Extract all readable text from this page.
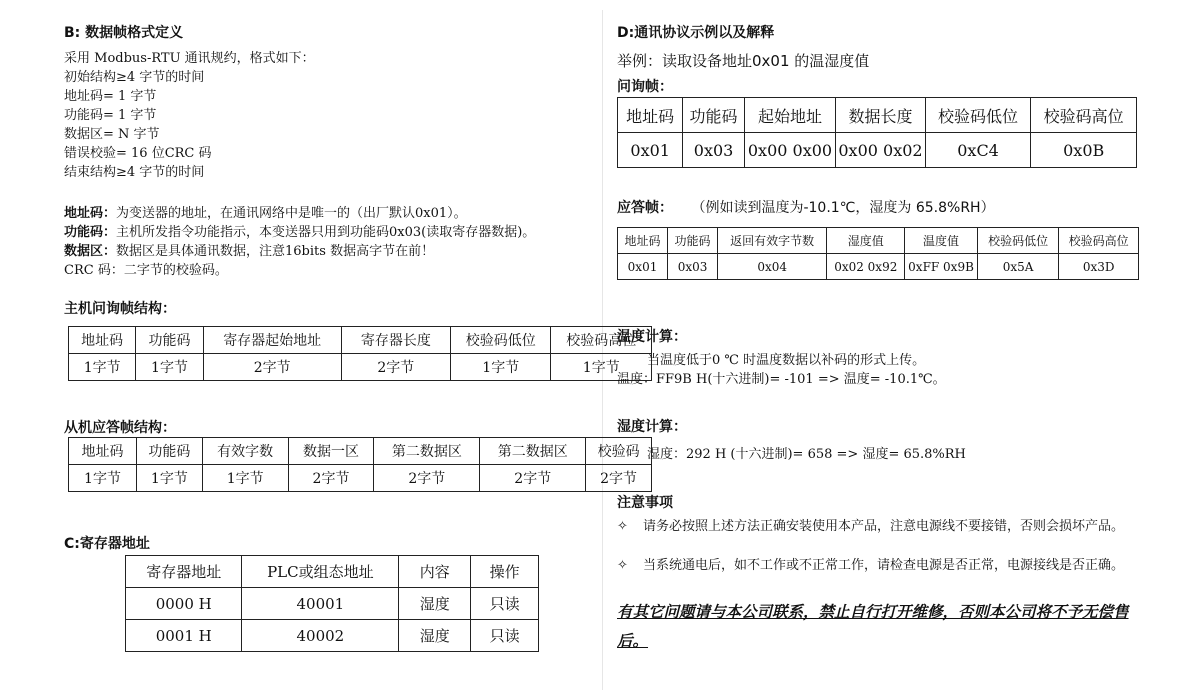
B: 数据帧格式定义
采用 Modbus-RTU 通讯规约，格式如下：
初始结构≥4 字节的时间
地址码= 1 字节
功能码= 1 字节
数据区= N 字节
错误校验= 16 位CRC 码
结束结构≥4 字节的时间
地址码：为变送器的地址，在通讯网络中是唯一的（出厂默认0x01）。
功能码：主机所发指令功能指示，本变送器只用到功能码0x03(读取寄存器数据)。
数据区：数据区是具体通讯数据，注意16bits 数据高字节在前！
CRC 码：二字节的校验码。
主机问询帧结构：
地址码	功能码	寄存器起始地址	寄存器长度	校验码低位	校验码高位
1字节	1字节	2字节	2字节	1字节	1字节
从机应答帧结构：
地址码	功能码	有效字数	数据一区	第二数据区	第二数据区	校验码
1字节	1字节	1字节	2字节	2字节	2字节	2字节
C:寄存器地址
寄存器地址	PLC或组态地址	内容	操作
0000 H	40001	湿度	只读
0001 H	40002	湿度	只读
D:通讯协议示例以及解释
举例：读取设备地址0x01 的温湿度值
问询帧：
地址码	功能码	起始地址	数据长度	校验码低位	校验码高位
0x01	0x03	0x00 0x00	0x00 0x02	0xC4	0x0B
应答帧： （例如读到温度为-10.1℃，湿度为 65.8%RH）
地址码	功能码	返回有效字节数	湿度值	温度值	校验码低位	校验码高位
0x01	0x03	0x04	0x02 0x92	0xFF 0x9B	0x5A	0x3D
温度计算：
当温度低于0 ℃ 时温度数据以补码的形式上传。
温度：FF9B H(十六进制)= -101 => 温度= -10.1℃。
湿度计算：
湿度：292 H (十六进制)= 658 => 湿度= 65.8%RH
注意事项
✧ 请务必按照上述方法正确安装使用本产品，注意电源线不要接错，否则会损坏产品。
✧ 当系统通电后，如不工作或不正常工作，请检查电源是否正常，电源接线是否正确。
有其它问题请与本公司联系，禁止自行打开维修，否则本公司将不予无偿售后。
